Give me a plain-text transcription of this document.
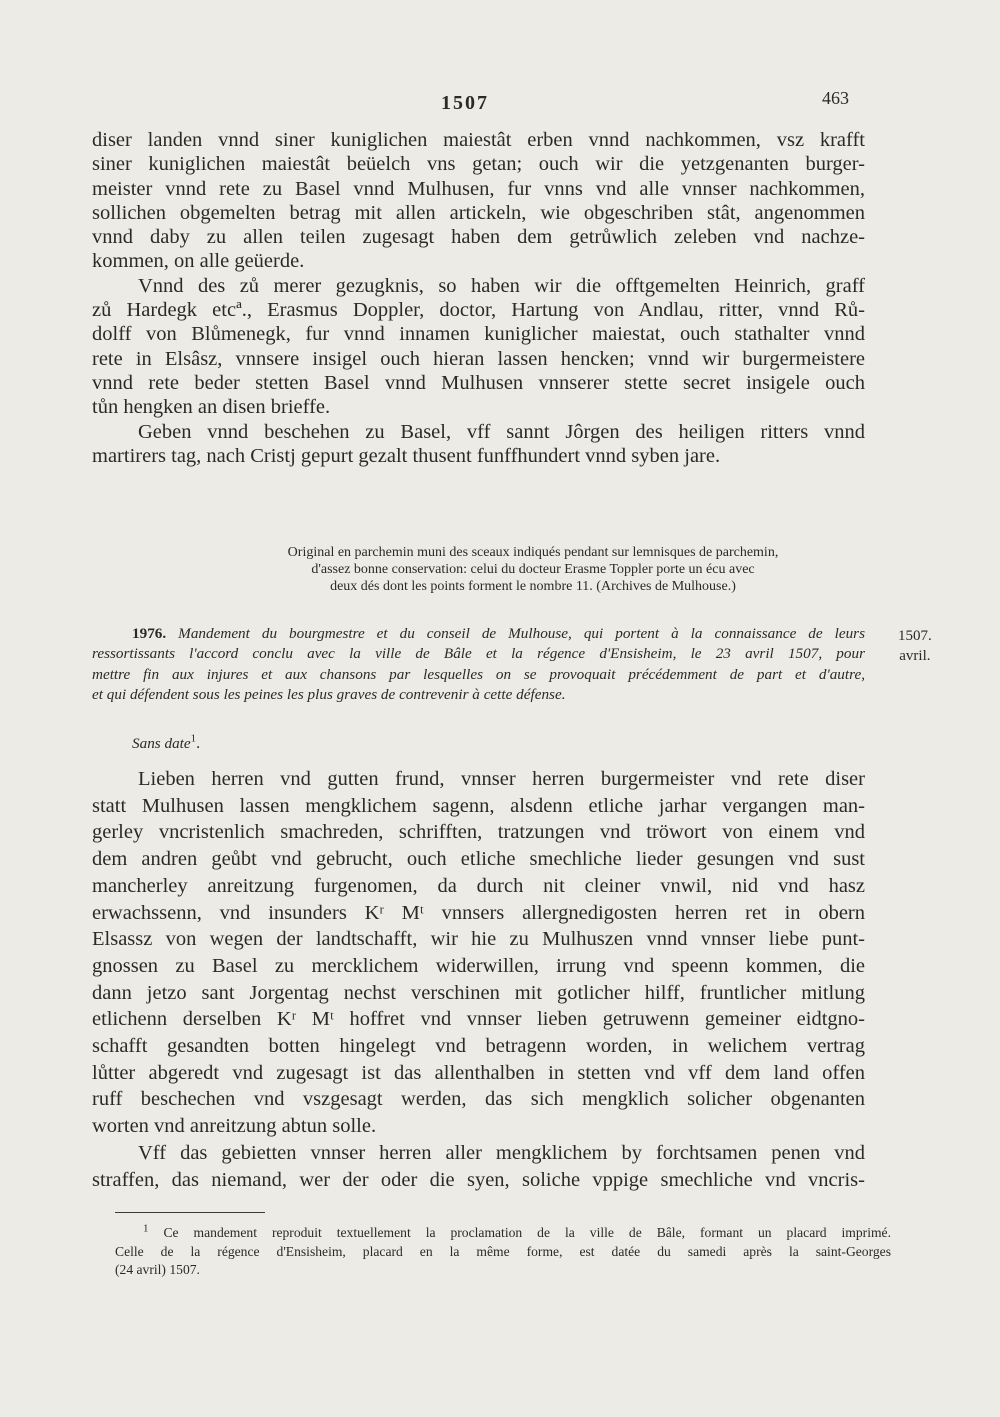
1507	463
diser landen vnnd siner kuniglichen maiestât erben vnnd nachkommen, vsz krafft
siner kuniglichen maiestât beüelch vns getan; ouch wir die yetzgenanten burger-
meister vnnd rete zu Basel vnnd Mulhusen, fur vnns vnd alle vnnser nachkommen,
sollichen obgemelten betrag mit allen artickeln, wie obgeschriben stât, angenommen
vnnd daby zu allen teilen zugesagt haben dem getrůwlich zeleben vnd nachze-
kommen, on alle geüerde.
Vnnd des zů merer gezugknis, so haben wir die offtgemelten Heinrich, graff
zů Hardegk etcª., Erasmus Doppler, doctor, Hartung von Andlau, ritter, vnnd Rů-
dolff von Blůmenegk, fur vnnd innamen kuniglicher maiestat, ouch stathalter vnnd
rete in Elsâsz, vnnsere insigel ouch hieran lassen hencken; vnnd wir burgermeistere
vnnd rete beder stetten Basel vnnd Mulhusen vnnserer stette secret insigele ouch
tůn hengken an disen brieffe.
Geben vnnd beschehen zu Basel, vff sannt Jôrgen des heiligen ritters vnnd
martirers tag, nach Cristj gepurt gezalt thusent funffhundert vnnd syben jare.
Original en parchemin muni des sceaux indiqués pendant sur lemnisques de parchemin,
d'assez bonne conservation: celui du docteur Erasme Toppler porte un écu avec
deux dés dont les points forment le nombre 11. (Archives de Mulhouse.)
1976. Mandement du bourgmestre et du conseil de Mulhouse, qui portent à la connaissance de leurs
ressortissants l'accord conclu avec la ville de Bâle et la régence d'Ensisheim, le 23 avril 1507, pour
mettre fin aux injures et aux chansons par lesquelles on se provoquait précédemment de part et d'autre,
et qui défendent sous les peines les plus graves de contrevenir à cette défense.
Sans date$^1$.
1507.
avril.
Lieben herren vnd gutten frund, vnnser herren burgermeister vnd rete diser
statt Mulhusen lassen mengklichem sagenn, alsdenn etliche jarhar vergangen man-
gerley vncristenlich smachreden, schrifften, tratzungen vnd tröwort von einem vnd
dem andren geůbt vnd gebrucht, ouch etliche smechliche lieder gesungen vnd sust
mancherley anreitzung furgenomen, da durch nit cleiner vnwil, nid vnd hasz
erwachssenn, vnd insunders Kʳ Mᵗ vnnsers allergnedigosten herren ret in obern
Elsassz von wegen der landtschafft, wir hie zu Mulhuszen vnnd vnnser liebe punt-
gnossen zu Basel zu mercklichem widerwillen, irrung vnd speenn kommen, die
dann jetzo sant Jorgentag nechst verschinen mit gotlicher hilff, fruntlicher mitlung
etlichenn derselben Kʳ Mᵗ hoffret vnd vnnser lieben getruwenn gemeiner eidtgno-
schafft gesandten botten hingelegt vnd betragenn worden, in welichem vertrag
lůtter abgeredt vnd zugesagt ist das allenthalben in stetten vnd vff dem land offen
ruff beschechen vnd vszgesagt werden, das sich mengklich solicher obgenanten
worten vnd anreitzung abtun solle.
Vff das gebietten vnnser herren aller mengklichem by forchtsamen penen vnd
straffen, das niemand, wer der oder die syen, soliche vppige smechliche vnd vncris-
$^1$ Ce mandement reproduit textuellement la proclamation de la ville de Bâle, formant un placard imprimé.
Celle de la régence d'Ensisheim, placard en la même forme, est datée du samedi après la saint-Georges
(24 avril) 1507.
